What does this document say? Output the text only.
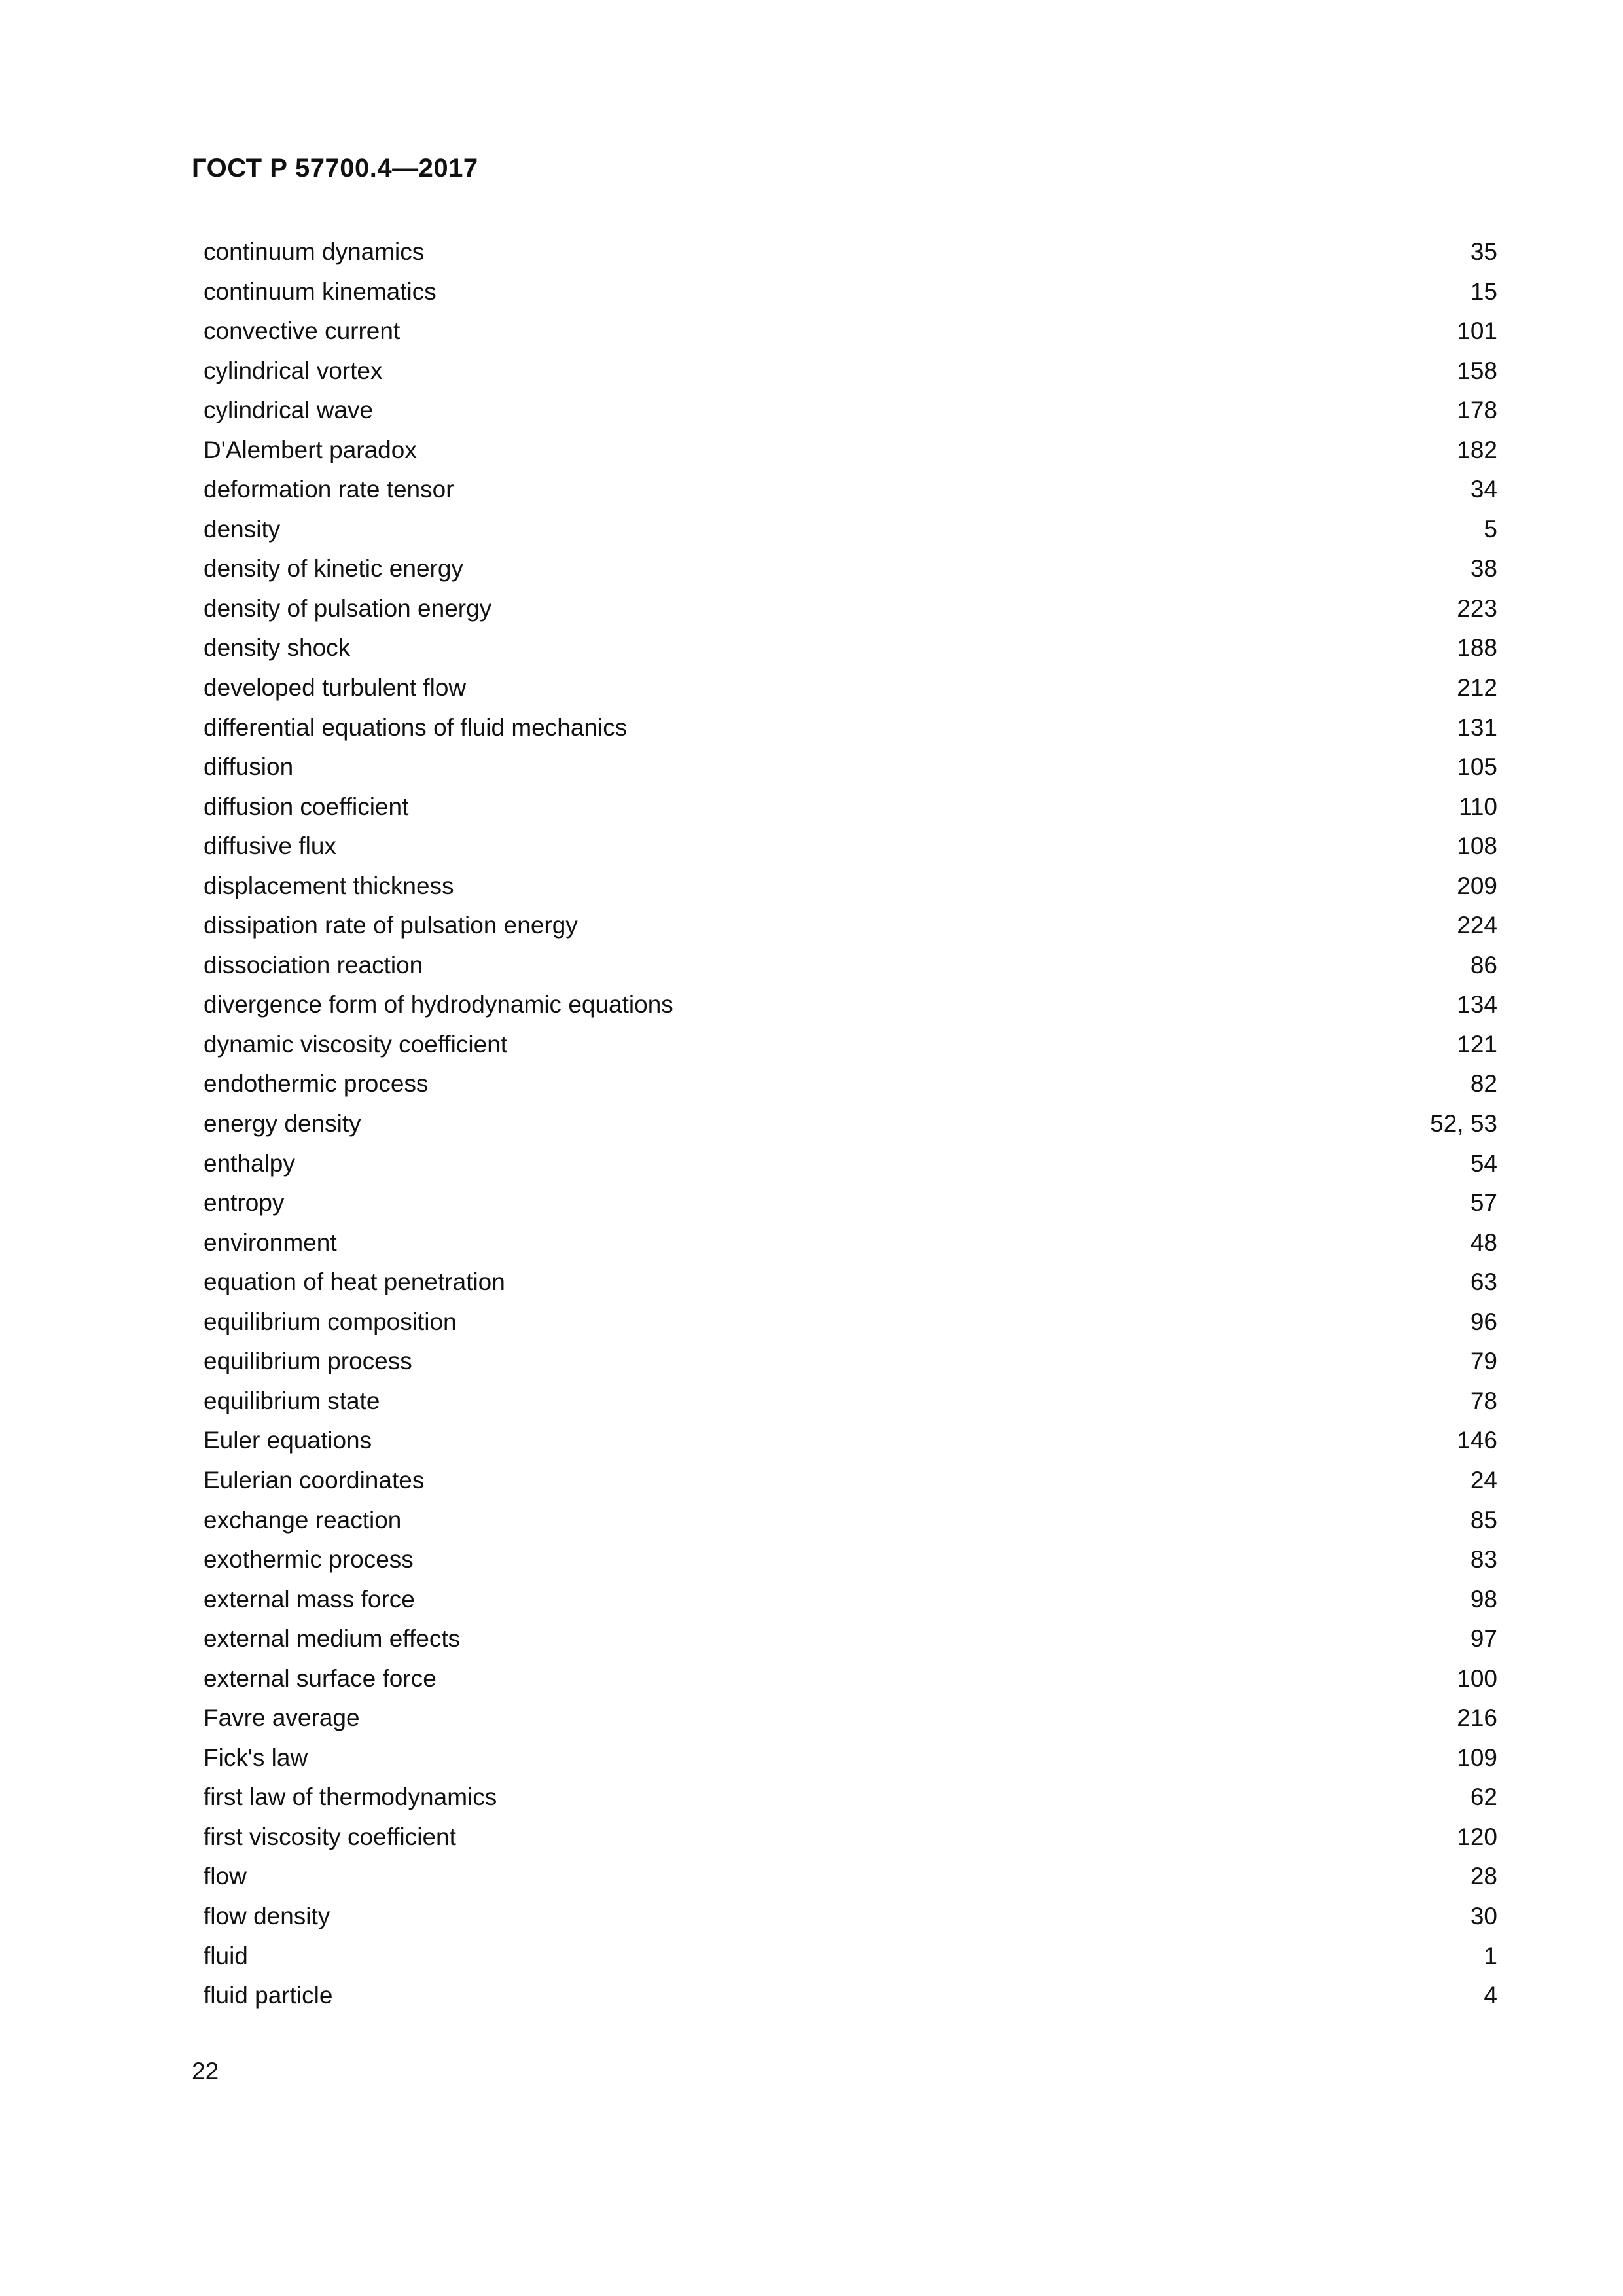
ГОСТ Р 57700.4—2017
continuum dynamics	35
continuum kinematics	15
convective current	101
cylindrical vortex	158
cylindrical wave	178
D'Alembert paradox	182
deformation rate tensor	34
density	5
density of kinetic energy	38
density of pulsation energy	223
density shock	188
developed turbulent flow	212
differential equations of fluid mechanics	131
diffusion	105
diffusion coefficient	110
diffusive flux	108
displacement thickness	209
dissipation rate of pulsation energy	224
dissociation reaction	86
divergence form of hydrodynamic equations	134
dynamic viscosity coefficient	121
endothermic process	82
energy density	52, 53
enthalpy	54
entropy	57
environment	48
equation of heat penetration	63
equilibrium composition	96
equilibrium process	79
equilibrium state	78
Euler equations	146
Eulerian coordinates	24
exchange reaction	85
exothermic process	83
external mass force	98
external medium effects	97
external surface force	100
Favre average	216
Fick's law	109
first law of thermodynamics	62
first viscosity coefficient	120
flow	28
flow density	30
fluid	1
fluid particle	4
22
